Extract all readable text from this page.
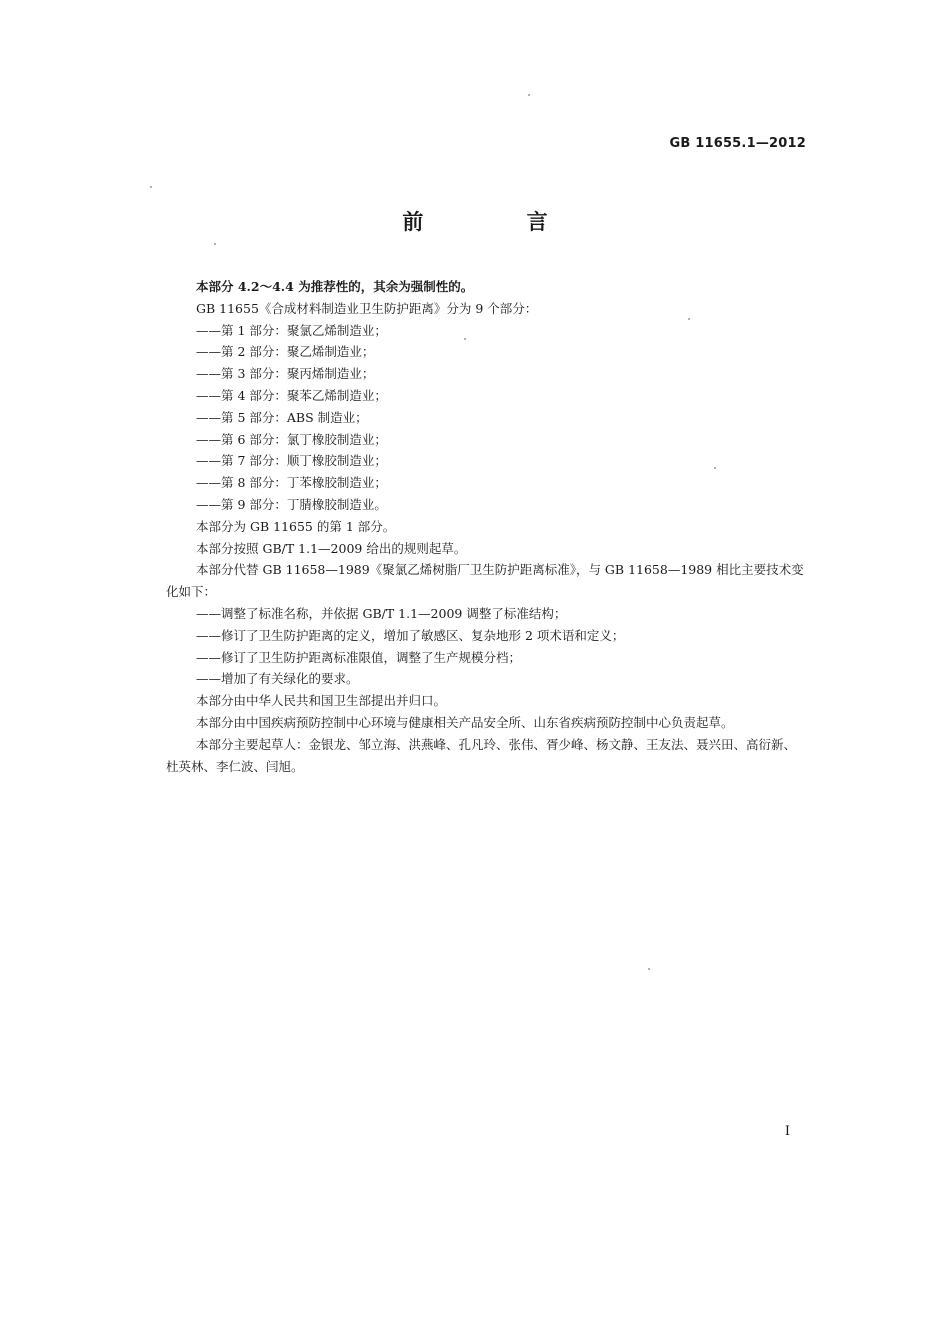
GB 11655.1—2012
前 言

本部分 4.2～4.4 为推荐性的，其余为强制性的。

GB 11655《合成材料制造业卫生防护距离》分为 9 个部分：

——第 1 部分：聚氯乙烯制造业；

——第 2 部分：聚乙烯制造业；

——第 3 部分：聚丙烯制造业；

——第 4 部分：聚苯乙烯制造业；

——第 5 部分：ABS 制造业；

——第 6 部分：氯丁橡胶制造业；

——第 7 部分：顺丁橡胶制造业；

——第 8 部分：丁苯橡胶制造业；

——第 9 部分：丁腈橡胶制造业。

本部分为 GB 11655 的第 1 部分。

本部分按照 GB/T 1.1—2009 给出的规则起草。

本部分代替 GB 11658—1989《聚氯乙烯树脂厂卫生防护距离标准》，与 GB 11658—1989 相比主要技术变化如下：

——调整了标准名称，并依据 GB/T 1.1—2009 调整了标准结构；

——修订了卫生防护距离的定义，增加了敏感区、复杂地形 2 项术语和定义；

——修订了卫生防护距离标准限值，调整了生产规模分档；

——增加了有关绿化的要求。

本部分由中华人民共和国卫生部提出并归口。

本部分由中国疾病预防控制中心环境与健康相关产品安全所、山东省疾病预防控制中心负责起草。

本部分主要起草人：金银龙、邹立海、洪燕峰、孔凡玲、张伟、胥少峰、杨文静、王友法、聂兴田、高衍新、杜英林、李仁波、闫旭。

I
